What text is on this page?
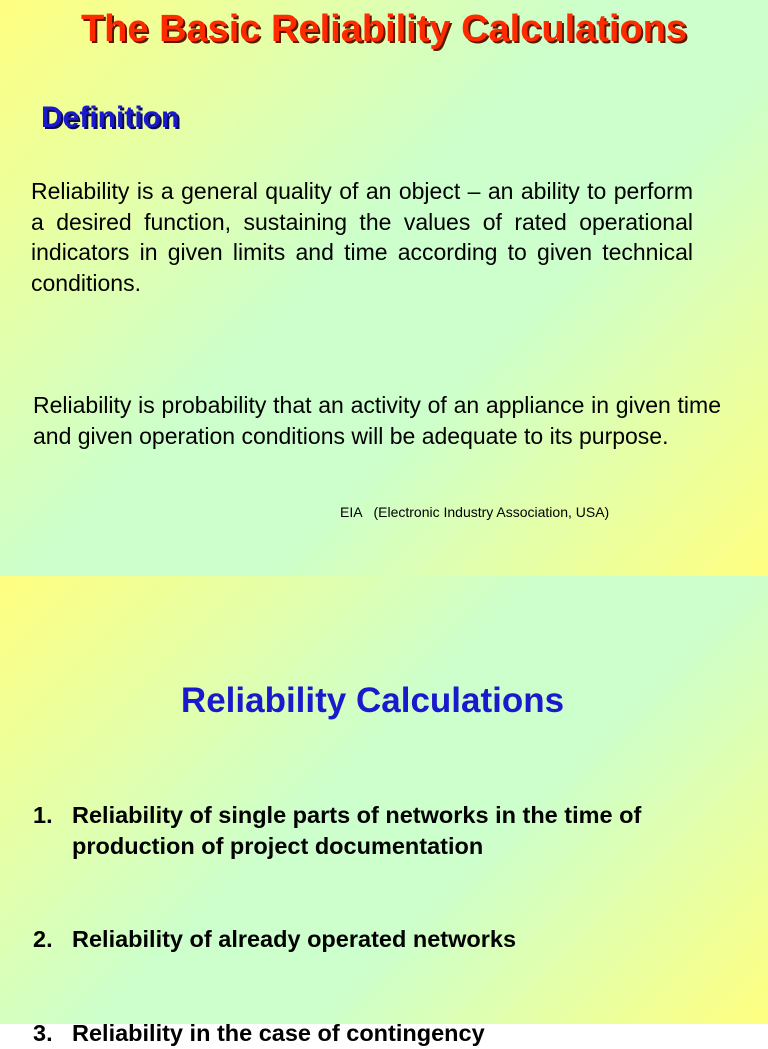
The Basic Reliability Calculations
Definition
Reliability is a general quality of an object – an ability to perform a desired function, sustaining the values of rated operational indicators in given limits and time according to given technical conditions.
Reliability is probability that an activity of an appliance in given time and given operation conditions will be adequate to its purpose.
EIA   (Electronic Industry Association, USA)
Reliability Calculations
1. Reliability of single parts of networks in the time of production of project documentation
2. Reliability of already operated networks
3. Reliability in the case of contingency
